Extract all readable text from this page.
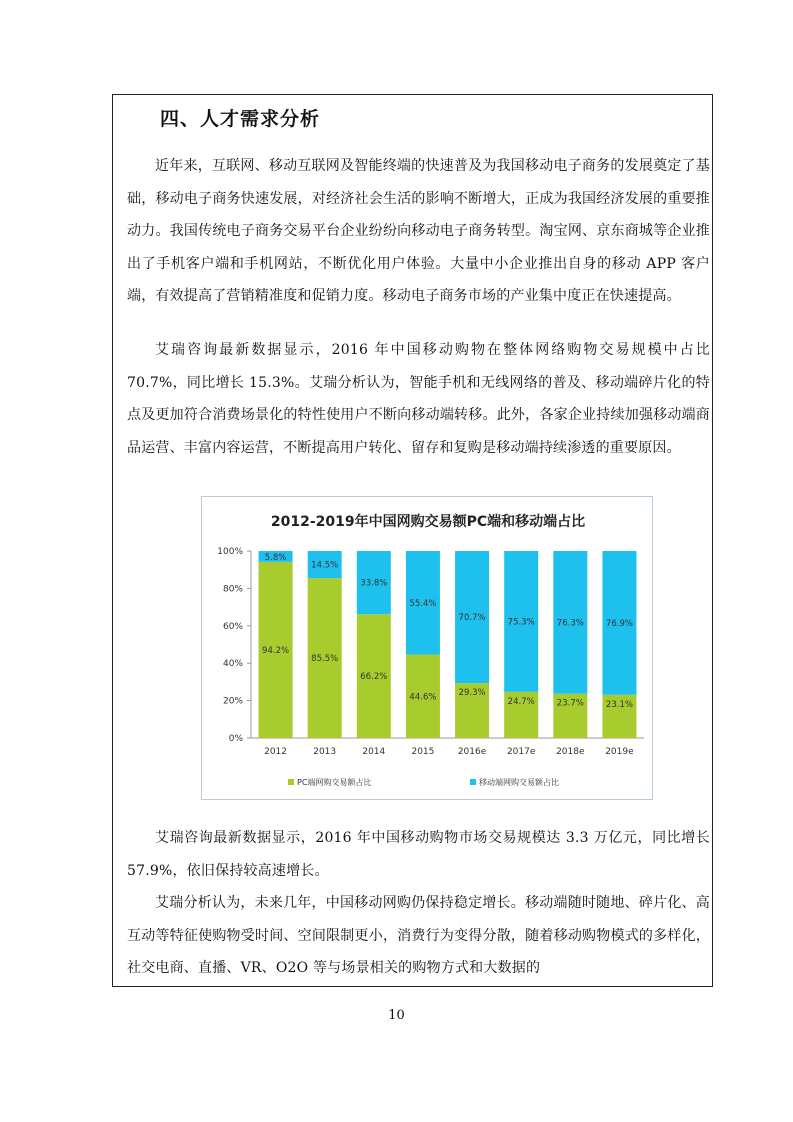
四、人才需求分析

近年来，互联网、移动互联网及智能终端的快速普及为我国移动电子商务的发展奠定了基础，移动电子商务快速发展，对经济社会生活的影响不断增大，正成为我国经济发展的重要推动力。我国传统电子商务交易平台企业纷纷向移动电子商务转型。淘宝网、京东商城等企业推出了手机客户端和手机网站，不断优化用户体验。大量中小企业推出自身的移动 APP 客户端，有效提高了营销精准度和促销力度。移动电子商务市场的产业集中度正在快速提高。

艾瑞咨询最新数据显示，2016 年中国移动购物在整体网络购物交易规模中占比 70.7%，同比增长 15.3%。艾瑞分析认为，智能手机和无线网络的普及、移动端碎片化的特点及更加符合消费场景化的特性使用户不断向移动端转移。此外，各家企业持续加强移动端商品运营、丰富内容运营，不断提高用户转化、留存和复购是移动端持续渗透的重要原因。

2012-2019年中国网购交易额PC端和移动端占比
0%
20%
40%
60%
80%
100%
94.2%
5.8%
2012
85.5%
14.5%
2013
66.2%
33.8%
2014
44.6%
55.4%
2015
29.3%
70.7%
2016e
24.7%
75.3%
2017e
23.7%
76.3%
2018e
23.1%
76.9%
2019e
PC端网购交易额占比	移动端网购交易额占比

艾瑞咨询最新数据显示，2016 年中国移动购物市场交易规模达 3.3 万亿元，同比增长 57.9%，依旧保持较高速增长。

艾瑞分析认为，未来几年，中国移动网购仍保持稳定增长。移动端随时随地、碎片化、高互动等特征使购物受时间、空间限制更小，消费行为变得分散，随着移动购物模式的多样化，社交电商、直播、VR、O2O 等与场景相关的购物方式和大数据的

10
